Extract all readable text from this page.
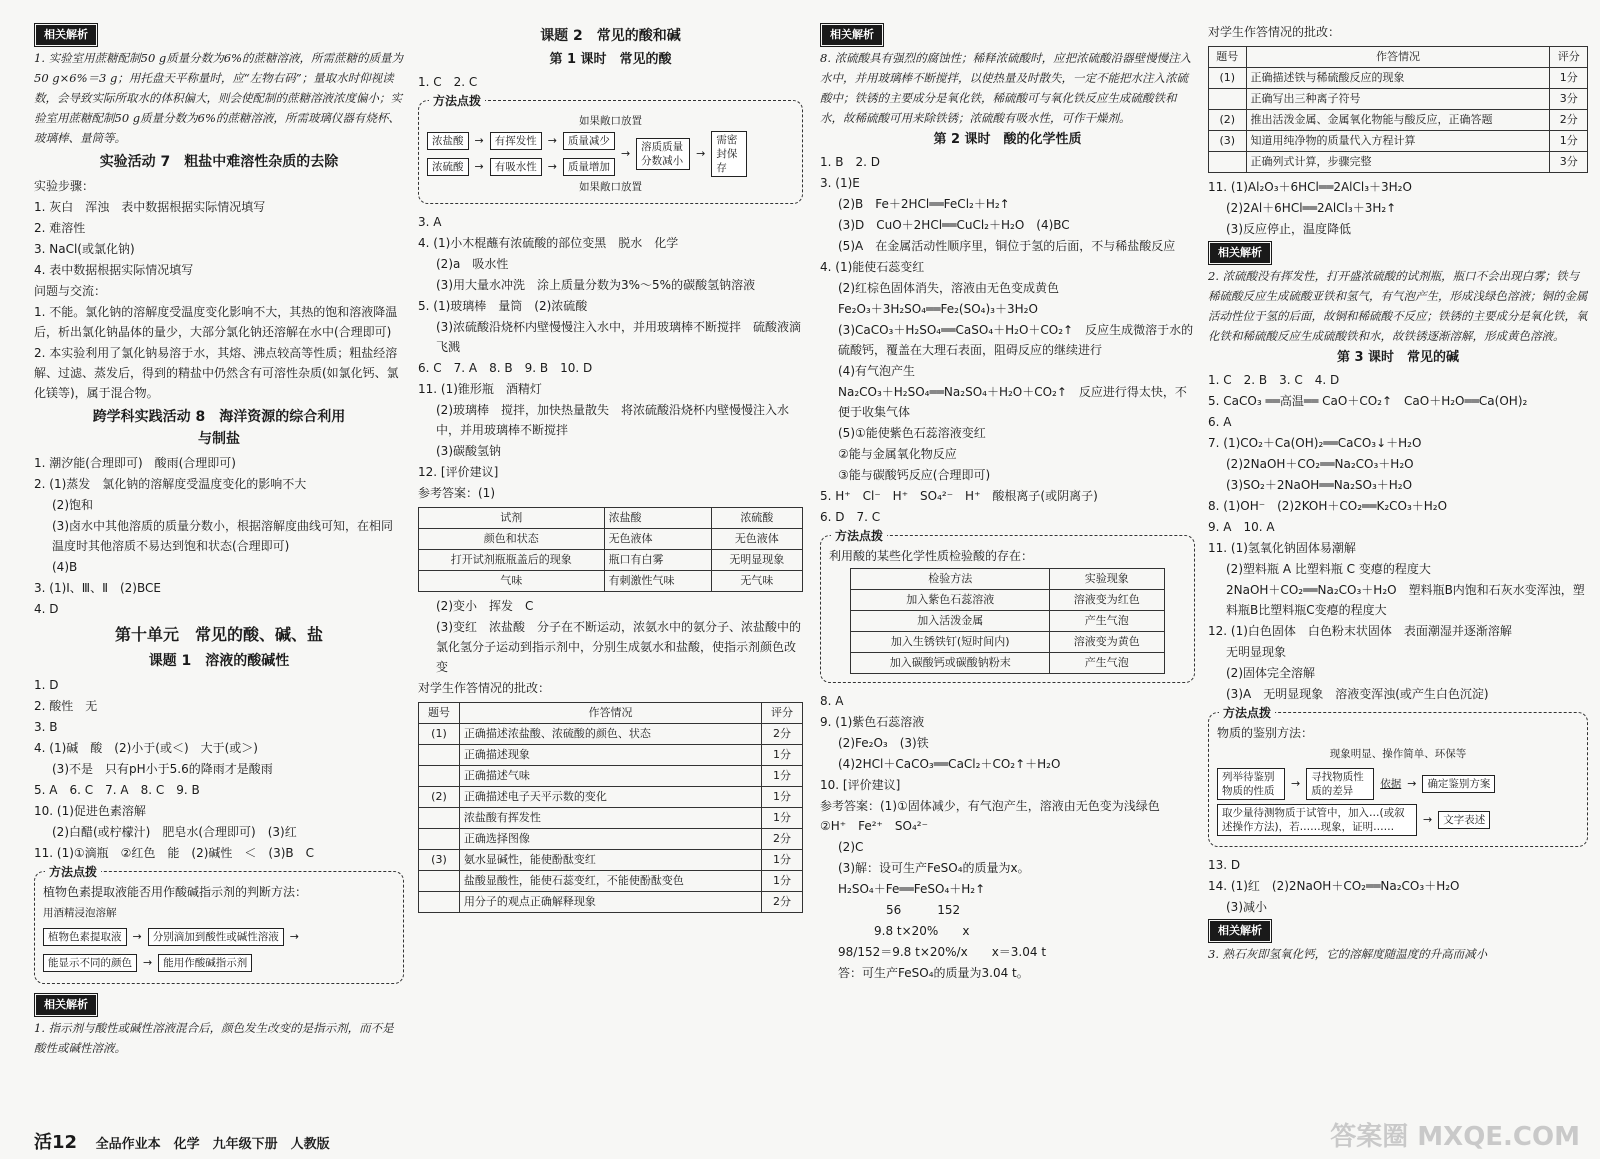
相关解析

1. 实验室用蔗糖配制50 g质量分数为6%的蔗糖溶液，所需蔗糖的质量为50 g×6%＝3 g；用托盘天平称量时，应“左物右码”；量取水时仰视读数，会导致实际所取水的体积偏大，则会使配制的蔗糖溶液浓度偏小；实验室用蔗糖配制50 g质量分数为6%的蔗糖溶液，所需玻璃仪器有烧杯、玻璃棒、量筒等。

实验活动 7　粗盐中难溶性杂质的去除

实验步骤：

1. 灰白　浑浊　表中数据根据实际情况填写

2. 难溶性

3. NaCl(或氯化钠)

4. 表中数据根据实际情况填写

问题与交流：

1. 不能。氯化钠的溶解度受温度变化影响不大，其热的饱和溶液降温后，析出氯化钠晶体的量少，大部分氯化钠还溶解在水中(合理即可)

2. 本实验利用了氯化钠易溶于水，其熔、沸点较高等性质；粗盐经溶解、过滤、蒸发后，得到的精盐中仍然含有可溶性杂质(如氯化钙、氯化镁等)，属于混合物。

跨学科实践活动 8　海洋资源的综合利用
与制盐

1. 潮汐能(合理即可)　酸雨(合理即可)

2. (1)蒸发　氯化钠的溶解度受温度变化的影响不大

(2)饱和

(3)卤水中其他溶质的质量分数小，根据溶解度曲线可知，在相同温度时其他溶质不易达到饱和状态(合理即可)

(4)B

3. (1)Ⅰ、Ⅲ、Ⅱ　(2)BCE

4. D

第十单元　常见的酸、碱、盐
课题 1　溶液的酸碱性

1. D

2. 酸性　无

3. B

4. (1)碱　酸　(2)小于(或＜)　大于(或＞)

(3)不是　只有pH小于5.6的降雨才是酸雨

5. A　6. C　7. A　8. C　9. B

10. (1)促进色素溶解

(2)白醋(或柠檬汁)　肥皂水(合理即可)　(3)红

11. (1)①滴瓶　②红色　能　(2)碱性　＜　(3)B　C

方法点拨

植物色素提取液能否用作酸碱指示剂的判断方法：

用酒精浸泡溶解

植物色素提取液	→	分别滴加到酸性或碱性溶液	→
能显示不同的颜色	→	能用作酸碱指示剂
相关解析

1. 指示剂与酸性或碱性溶液混合后，颜色发生改变的是指示剂，而不是酸性或碱性溶液。

课题 2　常见的酸和碱
第 1 课时　常见的酸

1. C　2. C

方法点拨

如果敞口放置

浓盐酸	→	有挥发性	→	质量减少
浓硫酸	→	有吸水性	→	质量增加
→	溶质质量分数减小
→
需密封保存

如果敞口放置

3. A

4. (1)小木棍蘸有浓硫酸的部位变黑　脱水　化学

(2)a　吸水性

(3)用大量水冲洗　涂上质量分数为3%～5%的碳酸氢钠溶液

5. (1)玻璃棒　量筒　(2)浓硫酸

(3)浓硫酸沿烧杯内壁慢慢注入水中，并用玻璃棒不断搅拌　硫酸液滴飞溅

6. C　7. A　8. B　9. B　10. D

11. (1)锥形瓶　酒精灯

(2)玻璃棒　搅拌，加快热量散失　将浓硫酸沿烧杯内壁慢慢注入水中，并用玻璃棒不断搅拌

(3)碳酸氢钠

12. [评价建议]

参考答案：(1)

试剂	浓盐酸	浓硫酸
颜色和状态	无色液体	无色液体
打开试剂瓶瓶盖后的现象	瓶口有白雾	无明显现象
气味	有刺激性气味	无气味

(2)变小　挥发　C

(3)变红　浓盐酸　分子在不断运动，浓氨水中的氨分子、浓盐酸中的氯化氢分子运动到指示剂中，分别生成氨水和盐酸，使指示剂颜色改变

对学生作答情况的批改：

题号	作答情况	评分
(1)	正确描述浓盐酸、浓硫酸的颜色、状态	2分
	正确描述现象	1分
	正确描述气味	1分
(2)	正确描述电子天平示数的变化	1分
	浓盐酸有挥发性	1分
	正确选择图像	2分
(3)	氨水显碱性，能使酚酞变红	1分
	盐酸显酸性，能使石蕊变红，不能使酚酞变色	1分
	用分子的观点正确解释现象	2分
相关解析

8. 浓硫酸具有强烈的腐蚀性；稀释浓硫酸时，应把浓硫酸沿器壁慢慢注入水中，并用玻璃棒不断搅拌，以使热量及时散失，一定不能把水注入浓硫酸中；铁锈的主要成分是氧化铁，稀硫酸可与氧化铁反应生成硫酸铁和水，故稀硫酸可用来除铁锈；浓硫酸有吸水性，可作干燥剂。

第 2 课时　酸的化学性质

1. B　2. D

3. (1)E

(2)B　Fe＋2HCl══FeCl₂＋H₂↑

(3)D　CuO＋2HCl══CuCl₂＋H₂O　(4)BC

(5)A　在金属活动性顺序里，铜位于氢的后面，不与稀盐酸反应

4. (1)能使石蕊变红

(2)红棕色固体消失，溶液由无色变成黄色

Fe₂O₃＋3H₂SO₄══Fe₂(SO₄)₃＋3H₂O

(3)CaCO₃＋H₂SO₄══CaSO₄＋H₂O＋CO₂↑　反应生成微溶于水的硫酸钙，覆盖在大理石表面，阻碍反应的继续进行

(4)有气泡产生

Na₂CO₃＋H₂SO₄══Na₂SO₄＋H₂O＋CO₂↑　反应进行得太快，不便于收集气体

(5)①能使紫色石蕊溶液变红

②能与金属氧化物反应

③能与碳酸钙反应(合理即可)

5. H⁺　Cl⁻　H⁺　SO₄²⁻　H⁺　酸根离子(或阴离子)

6. D　7. C

方法点拨

利用酸的某些化学性质检验酸的存在：

检验方法	实验现象
加入紫色石蕊溶液	溶液变为红色
加入活泼金属	产生气泡
加入生锈铁钉(短时间内)	溶液变为黄色
加入碳酸钙或碳酸钠粉末	产生气泡

8. A

9. (1)紫色石蕊溶液

(2)Fe₂O₃　(3)铁

(4)2HCl＋CaCO₃══CaCl₂＋CO₂↑＋H₂O

10. [评价建议]

参考答案：(1)①固体减少，有气泡产生，溶液由无色变为浅绿色　②H⁺　Fe²⁺　SO₄²⁻

(2)C

(3)解：设可生产FeSO₄的质量为x。

H₂SO₄＋Fe══FeSO₄＋H₂↑

　　　　56　　　152

　　　9.8 t×20%　　x

98/152＝9.8 t×20%/x　　x＝3.04 t

答：可生产FeSO₄的质量为3.04 t。

对学生作答情况的批改：

题号	作答情况	评分
(1)	正确描述铁与稀硫酸反应的现象	1分
	正确写出三种离子符号	3分
(2)	推出活泼金属、金属氧化物能与酸反应，正确答题	2分
(3)	知道用纯净物的质量代入方程计算	1分
	正确列式计算，步骤完整	3分

11. (1)Al₂O₃＋6HCl══2AlCl₃＋3H₂O

(2)2Al＋6HCl══2AlCl₃＋3H₂↑

(3)反应停止，温度降低

相关解析

2. 浓硫酸没有挥发性，打开盛浓硫酸的试剂瓶，瓶口不会出现白雾；铁与稀硫酸反应生成硫酸亚铁和氢气，有气泡产生，形成浅绿色溶液；铜的金属活动性位于氢的后面，故铜和稀硫酸不反应；铁锈的主要成分是氧化铁，氧化铁和稀硫酸反应生成硫酸铁和水，故铁锈逐渐溶解，形成黄色溶液。

第 3 课时　常见的碱

1. C　2. B　3. C　4. D

5. CaCO₃ ══高温══ CaO＋CO₂↑　CaO＋H₂O══Ca(OH)₂

6. A

7. (1)CO₂＋Ca(OH)₂══CaCO₃↓＋H₂O

(2)2NaOH＋CO₂══Na₂CO₃＋H₂O

(3)SO₂＋2NaOH══Na₂SO₃＋H₂O

8. (1)OH⁻　(2)2KOH＋CO₂══K₂CO₃＋H₂O

9. A　10. A

11. (1)氢氧化钠固体易潮解

(2)塑料瓶 A 比塑料瓶 C 变瘪的程度大

2NaOH＋CO₂══Na₂CO₃＋H₂O　塑料瓶B内饱和石灰水变浑浊，塑料瓶B比塑料瓶C变瘪的程度大

12. (1)白色固体　白色粉末状固体　表面潮湿并逐渐溶解

无明显现象

(2)固体完全溶解

(3)A　无明显现象　溶液变浑浊(或产生白色沉淀)

方法点拨

物质的鉴别方法：

现象明显、操作简单、环保等

列举待鉴别物质的性质
→	寻找物质性质的差异
依据 →	确定鉴别方案
取少量待测物质于试管中，加入…(或叙述操作方法)，若……现象，证明……
→	文字表述

13. D

14. (1)红　(2)2NaOH＋CO₂══Na₂CO₃＋H₂O

(3)减小

相关解析

3. 熟石灰即氢氧化钙，它的溶解度随温度的升高而减小

活12 全品作业本　化学　九年级下册　人教版	答案圈 MXQE.COM
